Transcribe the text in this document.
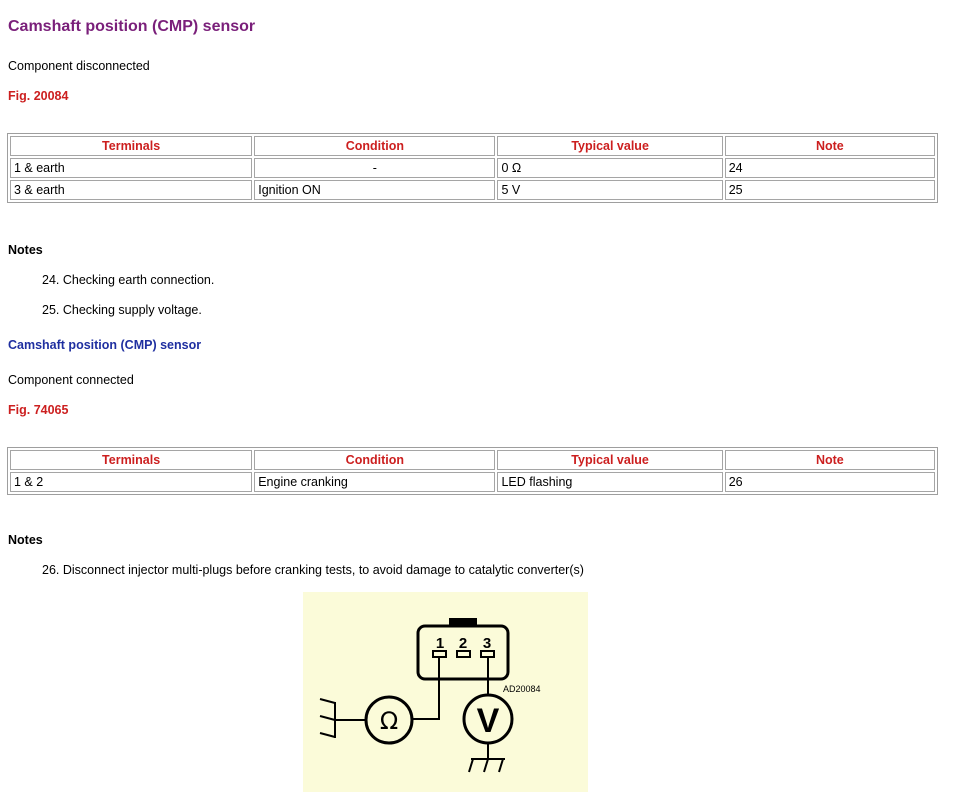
Camshaft position (CMP) sensor
Component disconnected
Fig. 20084
Terminals	Condition	Typical value	Note
1 & earth	-	0 Ω	24
3 & earth	Ignition ON	5 V	25
Notes
24. Checking earth connection.
25. Checking supply voltage.
Camshaft position (CMP) sensor
Component connected
Fig. 74065
Terminals	Condition	Typical value	Note
1 & 2	Engine cranking	LED flashing	26
Notes
26. Disconnect injector multi-plugs before cranking tests, to avoid damage to catalytic converter(s)
1 2 3
AD20084
Ω V
